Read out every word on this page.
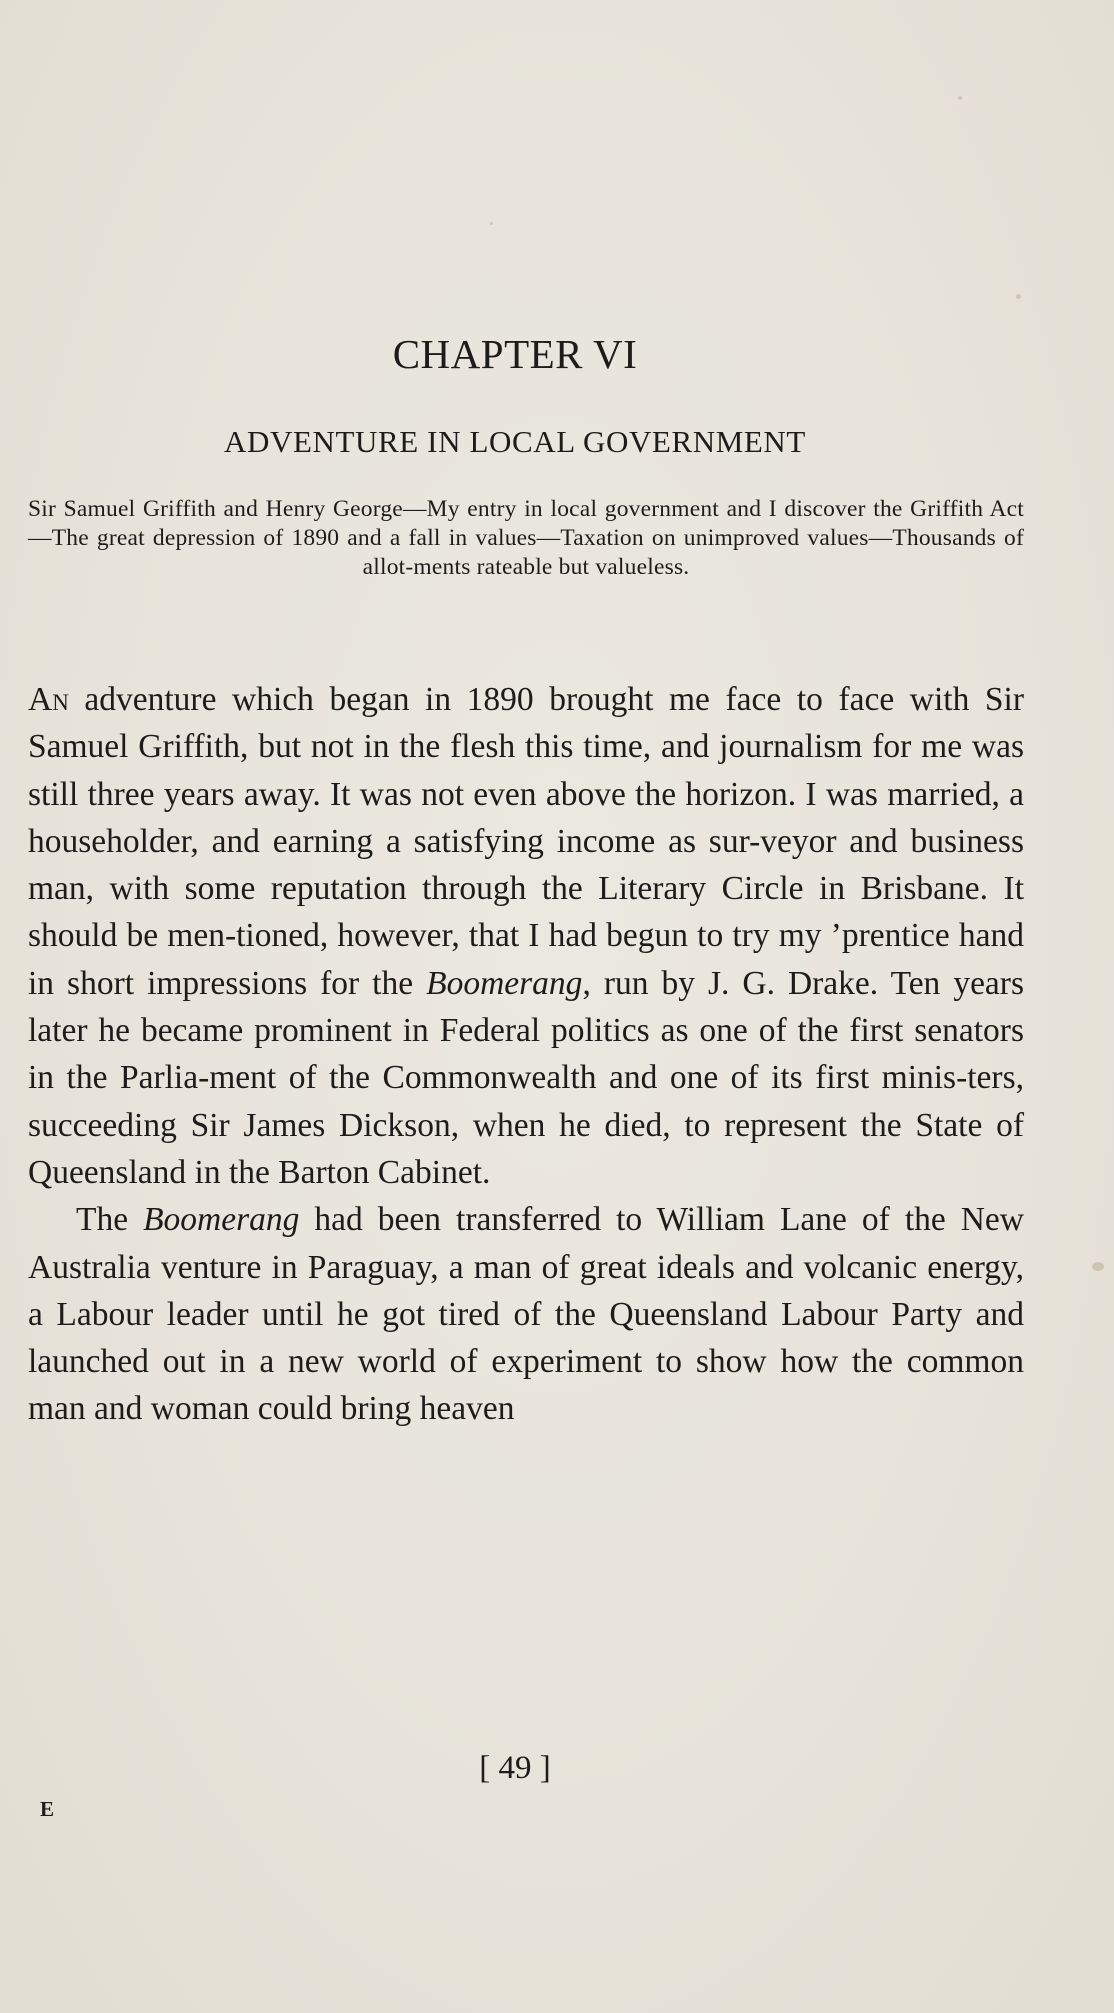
CHAPTER VI
ADVENTURE IN LOCAL GOVERNMENT

Sir Samuel Griffith and Henry George—My entry in local government and I discover the Griffith Act—The great depression of 1890 and a fall in values—Taxation on unimproved values—Thousands of allot-ments rateable but valueless.

An adventure which began in 1890 brought me face to face with Sir Samuel Griffith, but not in the flesh this time, and journalism for me was still three years away. It was not even above the horizon. I was married, a householder, and earning a satisfying income as sur-veyor and business man, with some reputation through the Literary Circle in Brisbane. It should be men-tioned, however, that I had begun to try my ’prentice hand in short impressions for the Boomerang, run by J. G. Drake. Ten years later he became prominent in Federal politics as one of the first senators in the Parlia-ment of the Commonwealth and one of its first minis-ters, succeeding Sir James Dickson, when he died, to represent the State of Queensland in the Barton Cabinet.

The Boomerang had been transferred to William Lane of the New Australia venture in Paraguay, a man of great ideals and volcanic energy, a Labour leader until he got tired of the Queensland Labour Party and launched out in a new world of experiment to show how the common man and woman could bring heaven

[ 49 ]
E
